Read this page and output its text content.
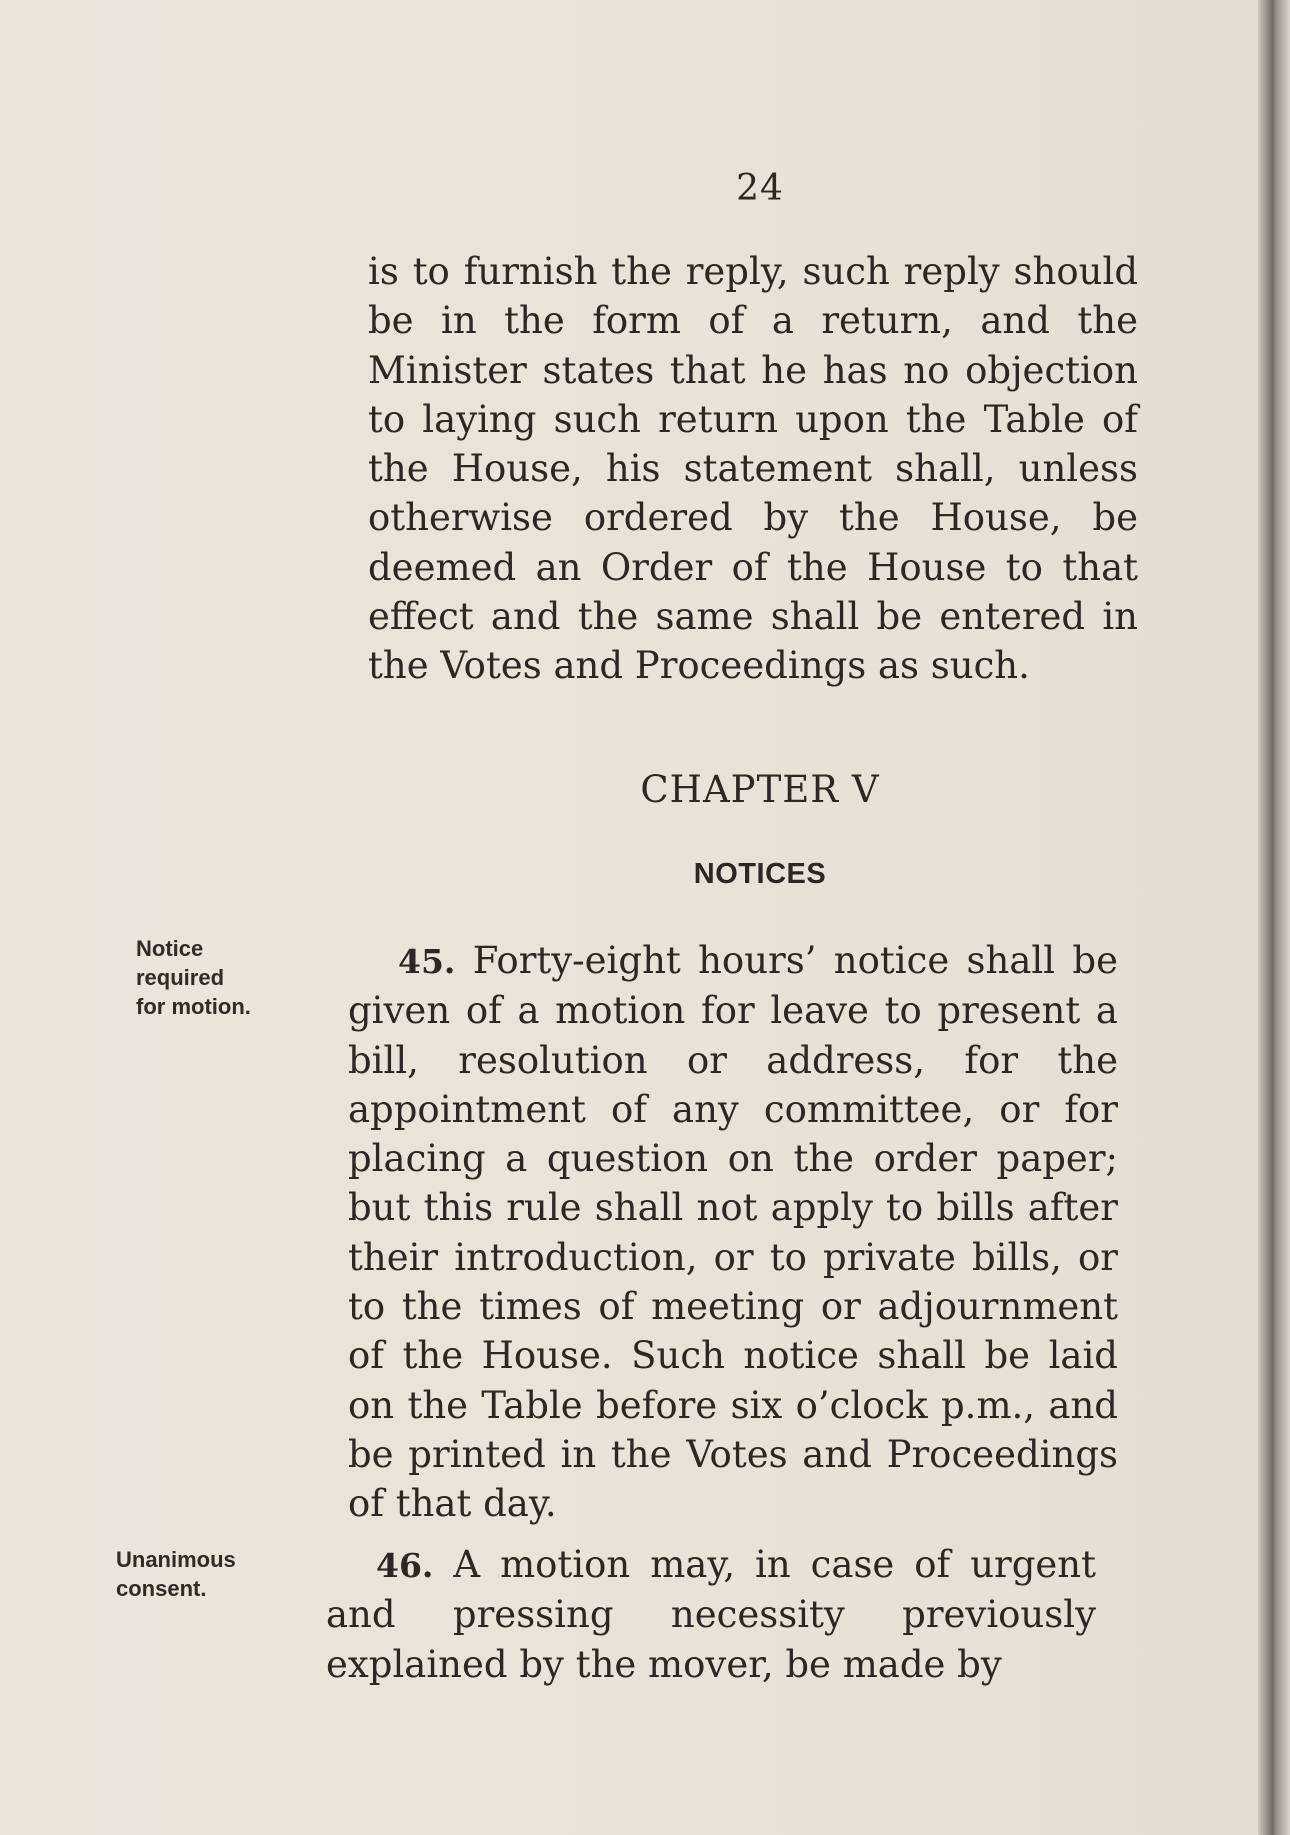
24
is to furnish the reply, such reply should be in the form of a return, and the Minister states that he has no objection to laying such return upon the Table of the House, his statement shall, unless otherwise ordered by the House, be deemed an Order of the House to that effect and the same shall be entered in the Votes and Proceedings as such.
CHAPTER V
NOTICES
Notice
required
for motion.
45. Forty-eight hours’ notice shall be given of a motion for leave to present a bill, resolution or address, for the appointment of any committee, or for placing a question on the order paper; but this rule shall not apply to bills after their introduction, or to private bills, or to the times of meeting or adjournment of the House. Such notice shall be laid on the Table before six o’clock p.m., and be printed in the Votes and Proceedings of that day.
Unanimous
consent.
46. A motion may, in case of urgent and pressing necessity previously explained by the mover, be made by
